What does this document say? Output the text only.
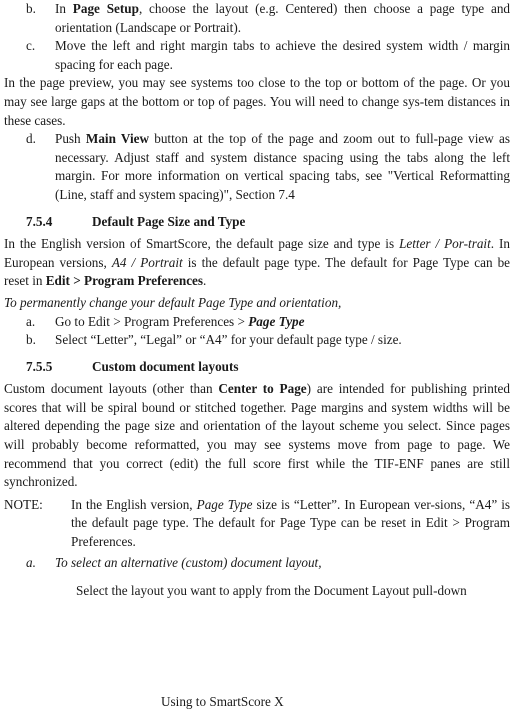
b. In Page Setup, choose the layout (e.g. Centered) then choose a page type and orientation (Landscape or Portrait).
c. Move the left and right margin tabs to achieve the desired system width / margin spacing for each page.

In the page preview, you may see systems too close to the top or bottom of the page. Or you may see large gaps at the bottom or top of pages. You will need to change sys-tem distances in these cases.

d. Push Main View button at the top of the page and zoom out to full-page view as necessary. Adjust staff and system distance spacing using the tabs along the left margin. For more information on vertical spacing tabs, see "Vertical Reformatting (Line, staff and system spacing)", Section 7.4
7.5.4	Default Page Size and Type

In the English version of SmartScore, the default page size and type is Letter / Por-trait. In European versions, A4 / Portrait is the default page type. The default for Page Type can be reset in Edit > Program Preferences.

To permanently change your default Page Type and orientation,

a. Go to Edit > Program Preferences > Page Type
b. Select “Letter”, “Legal” or “A4” for your default page type / size.
7.5.5	Custom document layouts

Custom document layouts (other than Center to Page) are intended for publishing printed scores that will be spiral bound or stitched together. Page margins and system widths will be altered depending the page size and orientation of the layout scheme you select. Since pages will probably become reformatted, you may see systems move from page to page. We recommend that you correct (edit) the full score first while the TIF-ENF panes are still synchronized.

NOTE: In the English version, Page Type size is “Letter”. In European ver-sions, “A4” is the default page type. The default for Page Type can be reset in Edit > Program Preferences.
a. To select an alternative (custom) document layout,

Select the layout you want to apply from the Document Layout pull-down

Using to SmartScore X
